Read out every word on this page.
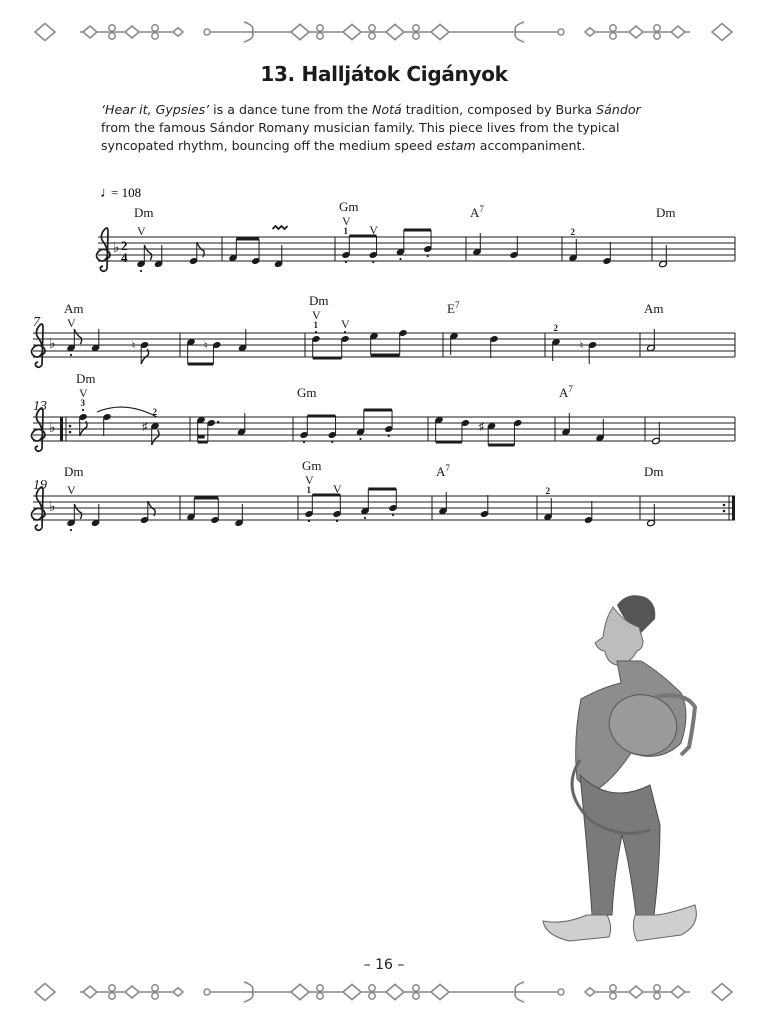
♩
= 108
2
4
♭
V
Dm
1
V
Gm
V
$A^7$
2
Dm
♭
7 V
Am
♮	♮
1
V
Dm
V
$E^7$
2
♮
Am
♭
13	3
V
Dm
♯
2
Gm
♯
$A^7$
♭
19 V
Dm
1
V
Gm
V
$A^7$
2
Dm
13. Halljátok Cigányok
‘Hear it, Gypsies’ is a dance tune from the Notá tradition, composed by Burka Sándor
from the famous Sándor Romany musician family. This piece lives from the typical
syncopated rhythm, bouncing off the medium speed estam accompaniment.
– 16 –
